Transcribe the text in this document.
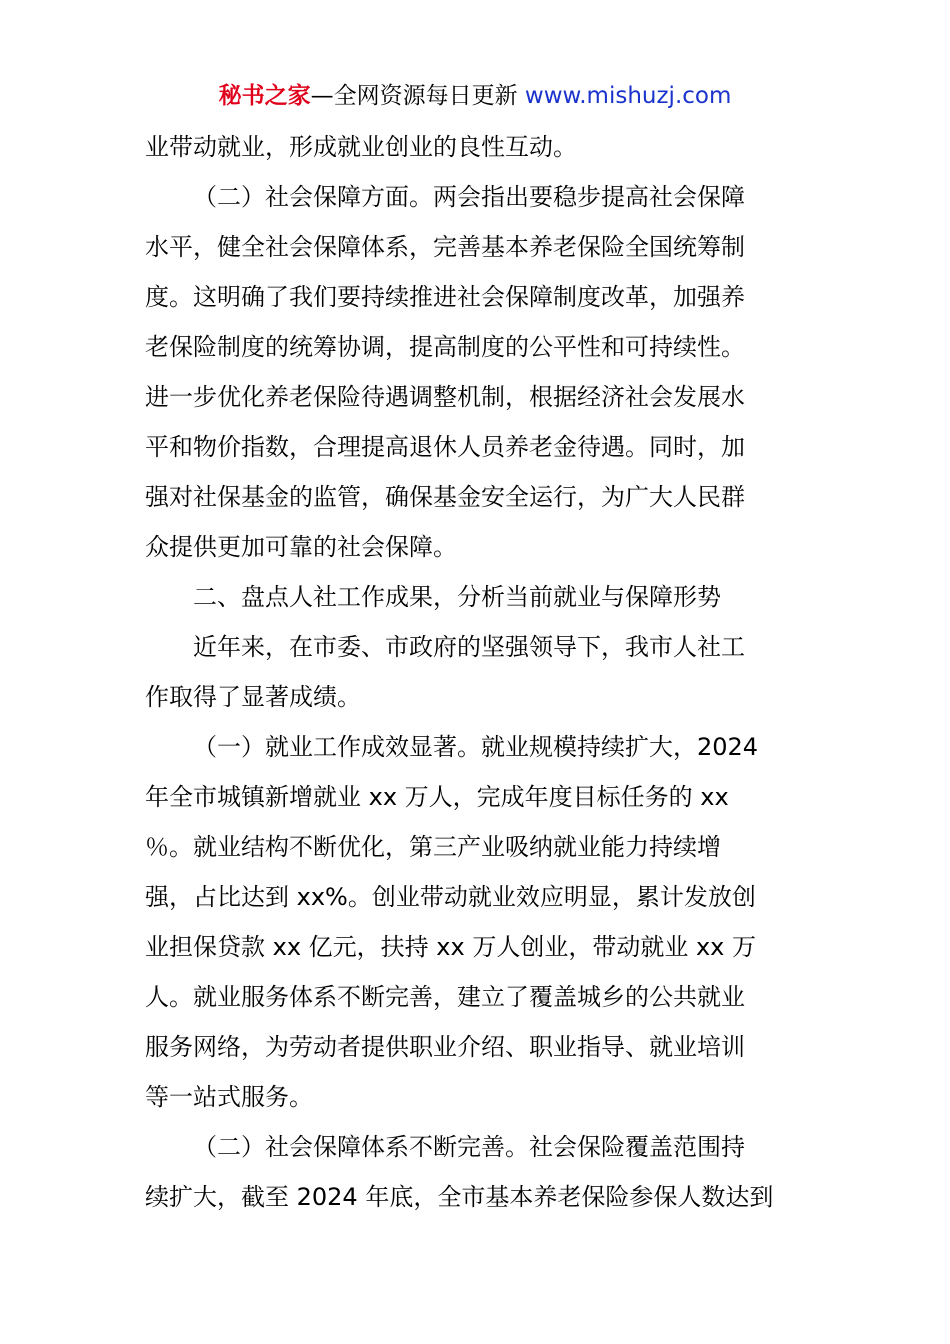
秘书之家—全网资源每日更新 www.mishuzj.com
业带动就业，形成就业创业的良性互动。
（二）社会保障方面。两会指出要稳步提高社会保障
水平，健全社会保障体系，完善基本养老保险全国统筹制
度。这明确了我们要持续推进社会保障制度改革，加强养
老保险制度的统筹协调，提高制度的公平性和可持续性。
进一步优化养老保险待遇调整机制，根据经济社会发展水
平和物价指数，合理提高退休人员养老金待遇。同时，加
强对社保基金的监管，确保基金安全运行，为广大人民群
众提供更加可靠的社会保障。
二、盘点人社工作成果，分析当前就业与保障形势
近年来，在市委、市政府的坚强领导下，我市人社工
作取得了显著成绩。
（一）就业工作成效显著。就业规模持续扩大，2024
年全市城镇新增就业 xx 万人，完成年度目标任务的 xx
％。就业结构不断优化，第三产业吸纳就业能力持续增
强，占比达到 xx%。创业带动就业效应明显，累计发放创
业担保贷款 xx 亿元，扶持 xx 万人创业，带动就业 xx 万
人。就业服务体系不断完善，建立了覆盖城乡的公共就业
服务网络，为劳动者提供职业介绍、职业指导、就业培训
等一站式服务。
（二）社会保障体系不断完善。社会保险覆盖范围持
续扩大，截至 2024 年底，全市基本养老保险参保人数达到
